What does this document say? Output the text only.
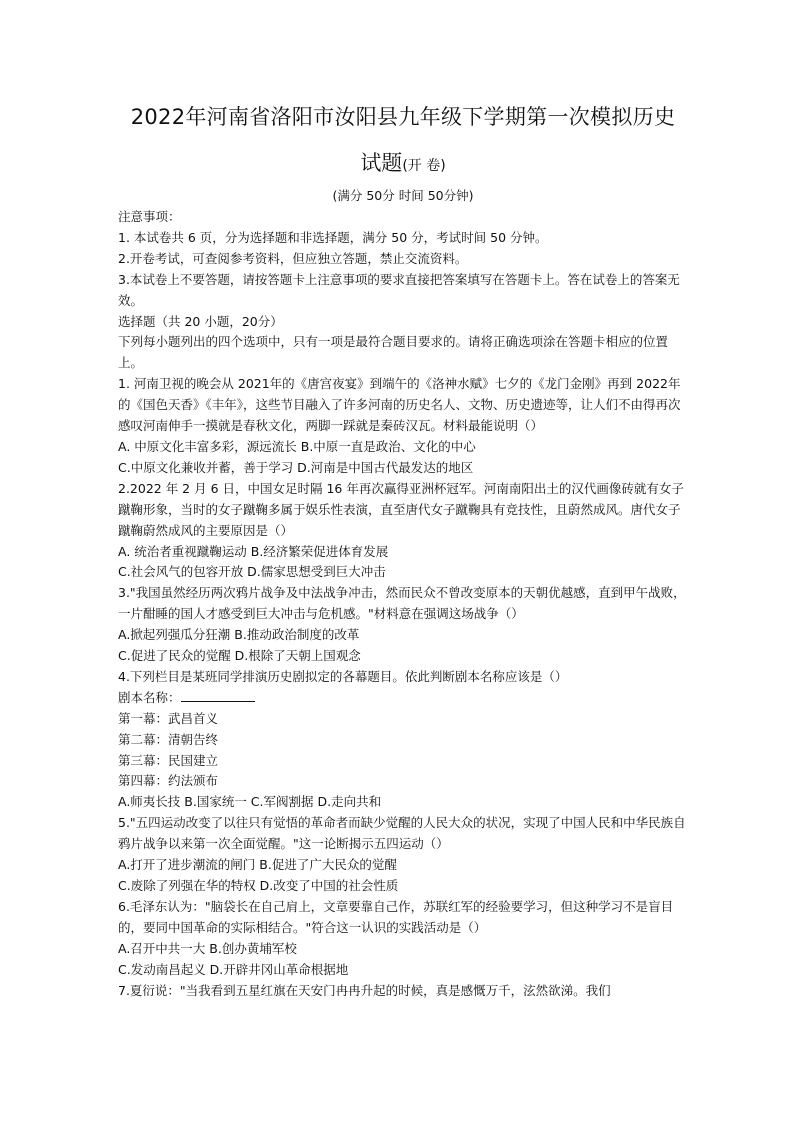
2022年河南省洛阳市汝阳县九年级下学期第一次模拟历史
试题(开 卷)

(满分 50分 时间 50分钟)

注意事项：

1. 本试卷共 6 页，分为选择题和非选择题，满分 50 分，考试时间 50 分钟。

2.开卷考试，可查阅参考资料，但应独立答题，禁止交流资料。

3.本试卷上不要答题，请按答题卡上注意事项的要求直接把答案填写在答题卡上。答在试卷上的答案无效。

选择题（共 20 小题，20分）

下列每小题列出的四个选项中，只有一项是最符合题目要求的。请将正确选项涂在答题卡相应的位置上。

1. 河南卫视的晚会从 2021年的《唐宫夜宴》到端午的《洛神水赋》七夕的《龙门金刚》再到 2022年的《国色天香》《丰年》，这些节目融入了许多河南的历史名人、文物、历史遗迹等，让人们不由得再次感叹河南伸手一摸就是春秋文化，两脚一踩就是秦砖汉瓦。材料最能说明（）

A. 中原文化丰富多彩，源远流长 B.中原一直是政治、文化的中心

C.中原文化兼收并蓄，善于学习 D.河南是中国古代最发达的地区

2.2022 年 2 月 6 日，中国女足时隔 16 年再次赢得亚洲杯冠军。河南南阳出土的汉代画像砖就有女子蹴鞠形象，当时的女子蹴鞠多属于娱乐性表演，直至唐代女子蹴鞠具有竞技性，且蔚然成风。唐代女子蹴鞠蔚然成风的主要原因是（）

A. 统治者重视蹴鞠运动 B.经济繁荣促进体育发展

C.社会风气的包容开放 D.儒家思想受到巨大冲击

3."我国虽然经历两次鸦片战争及中法战争冲击，然而民众不曾改变原本的天朝优越感，直到甲午战败，一片酣睡的国人才感受到巨大冲击与危机感。"材料意在强调这场战争（）

A.掀起列强瓜分狂潮 B.推动政治制度的改革

C.促进了民众的觉醒 D.根除了天朝上国观念

4.下列栏目是某班同学排演历史剧拟定的各幕题目。依此判断剧本名称应该是（）

剧本名称：

第一幕：武昌首义

第二幕：清朝告终

第三幕：民国建立

第四幕：约法颁布

A.师夷长技 B.国家统一 C.军阀割据 D.走向共和

5."五四运动改变了以往只有觉悟的革命者而缺少觉醒的人民大众的状况，实现了中国人民和中华民族自鸦片战争以来第一次全面觉醒。"这一论断揭示五四运动（）

A.打开了进步潮流的闸门 B.促进了广大民众的觉醒

C.废除了列强在华的特权 D.改变了中国的社会性质

6.毛泽东认为："脑袋长在自己肩上，文章要靠自己作，苏联红军的经验要学习，但这种学习不是盲目的，要同中国革命的实际相结合。"符合这一认识的实践活动是（）

A.召开中共一大 B.创办黄埔军校

C.发动南昌起义 D.开辟井冈山革命根据地

7.夏衍说："当我看到五星红旗在天安门冉冉升起的时候，真是感慨万千，泫然欲涕。我们
